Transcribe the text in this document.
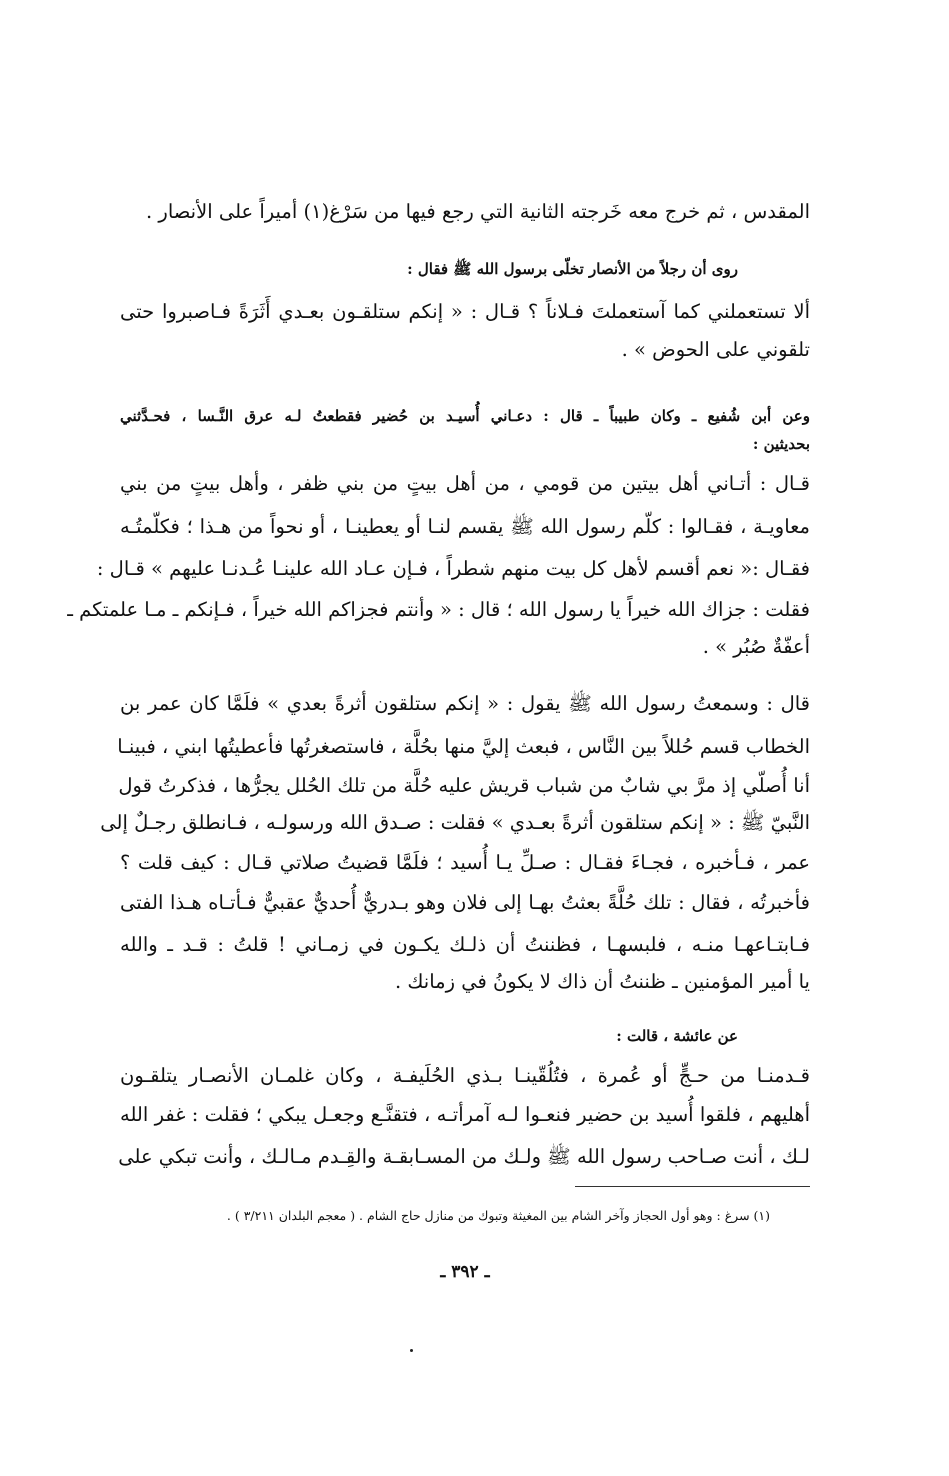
المقدس ، ثم خرج معه خَرجته الثانية التي رجع فيها من سَرْغ(١) أميراً على الأنصار .
روى أن رجلاً من الأنصار تخلّى برسول الله ﷺ فقال :
ألا تستعملني كما آستعملتَ فـلاناً ؟ قـال : « إنكم ستلقـون بعـدي أَثَرَةً فـاصبروا حتى
تلقوني على الحوض » .
وعن أبن شُفيع ـ وكان طبيباً ـ قال : دعـاني أُسيـد بن حُضير فقطعتُ لـه عرق النَّـسا ، فحـدَّثني
بحديثين :
قـال : أتـاني أهل بيتين من قومي ، من أهل بيتٍ من بني ظفر ، وأهل بيتٍ من بني
معاويـة ، فقـالوا : كلّم رسول الله ﷺ يقسم لنـا أو يعطينـا ، أو نحواً من هـذا ؛ فكلّمتُـه
فقـال :« نعم أقسم لأهل كل بيت منهم شطراً ، فـإن عـاد الله علينـا عُـدنـا عليهم » قـال :
فقلت : جزاك الله خيراً يا رسول الله ؛ قال : « وأنتم فجزاكم الله خيراً ، فـإنكم ـ مـا علمتكم ـ
أعفّةٌ صُبُر » .
قال : وسمعتُ رسول الله ﷺ يقول : « إنكم ستلقون أثرةً بعدي » فلَمَّا كان عمر بن
الخطاب قسم حُللاً بين النَّاس ، فبعث إليَّ منها بحُلَّة ، فاستصغرتُها فأعطيتُها ابني ، فبينـا
أنا أُصلّي إذ مرَّ بي شابٌ من شباب قريش عليه حُلَّة من تلك الحُلل يجرُّها ، فذكرتُ قول
النَّبيّ ﷺ : « إنكم ستلقون أثرةً بعـدي » فقلت : صـدق الله ورسولـه ، فـانطلق رجـلٌ إلى
عمر ، فـأخبره ، فجـاءَ فقـال : صـلِّ يـا أُسيد ؛ فلَمَّا قضيتُ صلاتي قـال : كيف قلت ؟
فأخبرتُه ، فقال : تلك حُلَّةً بعثتُ بهـا إلى فلان وهو بـدريٌّ أُحديٌّ عقبيٌّ فـأتـاه هـذا الفتى
فـابتـاعهـا منـه ، فلبسهـا ، فظننتُ أن ذلـك يكـون في زمـاني ! قلتُ : قـد ـ والله
يا أمير المؤمنين ـ ظننتُ أن ذاك لا يكونُ في زمانك .
عن عائشة ، قالت :
قـدمنـا من حـجٍّ أو عُمرة ، فتُلُقّينـا بـذي الحُلَيفـة ، وكان غلمـان الأنصـار يتلقـون
أهليهم ، فلقوا أُسيد بن حضير فنعـوا لـه آمرأتـه ، فتقنَّـع وجعـل يبكي ؛ فقلت : غفر الله
لـك ، أنت صـاحب رسول الله ﷺ ولـك من المسـابقـة والقِـدم مـالـك ، وأنت تبكي على
(١) سرغ : وهو أول الحجاز وآخر الشام بين المغيثة وتبوك من منازل حاج الشام . ( معجم البلدان ٣/٢١١ ) .
ـ ٣٩٢ ـ
